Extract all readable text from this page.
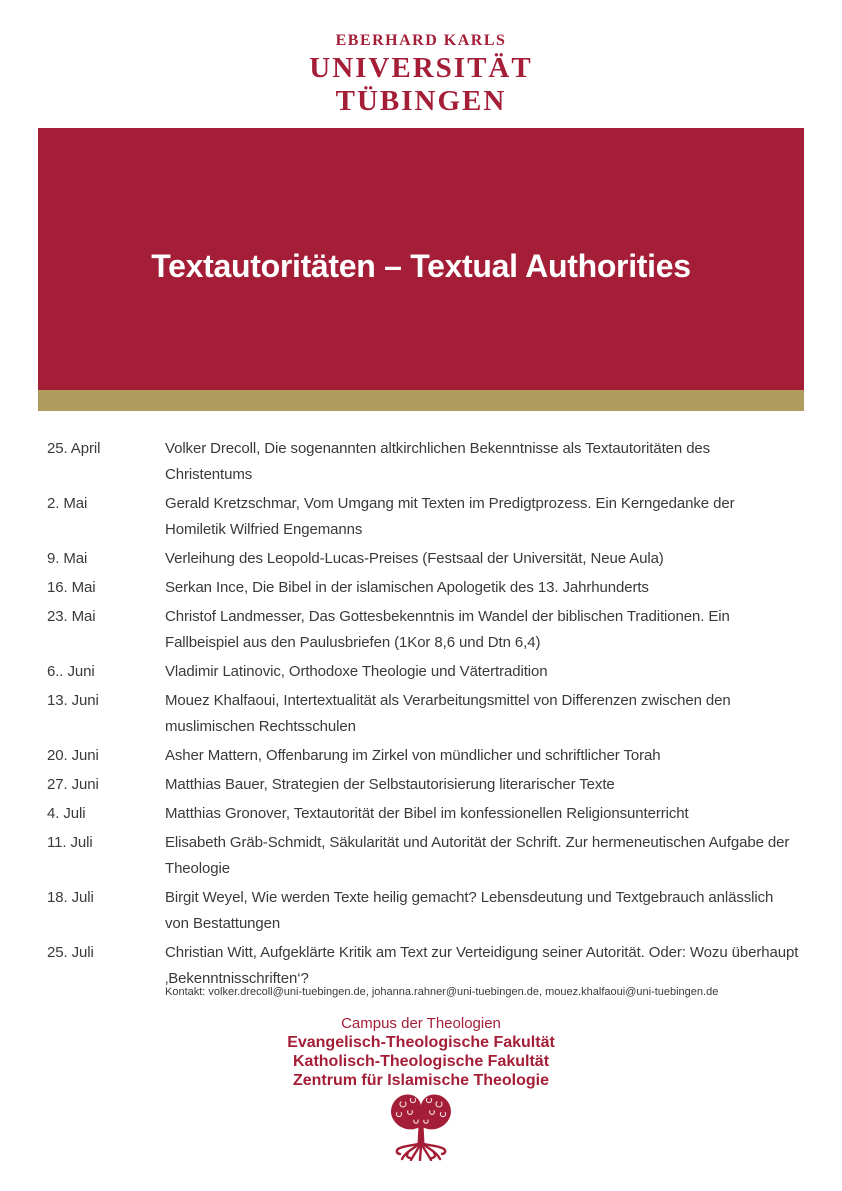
EBERHARD KARLS
UNIVERSITÄT
TÜBINGEN
Textautoritäten – Textual Authorities
25. April	Volker Drecoll, Die sogenannten altkirchlichen Bekenntnisse als Textautoritäten des Christentums
2. Mai	Gerald Kretzschmar, Vom Umgang mit Texten im Predigtprozess. Ein Kerngedanke der Homiletik Wilfried Engemanns
9. Mai	Verleihung des Leopold-Lucas-Preises (Festsaal der Universität, Neue Aula)
16. Mai	Serkan Ince, Die Bibel in der islamischen Apologetik des 13. Jahrhunderts
23. Mai	Christof Landmesser, Das Gottesbekenntnis im Wandel der biblischen Traditionen. Ein Fallbeispiel aus den Paulusbriefen (1Kor 8,6 und Dtn 6,4)
6.. Juni	Vladimir Latinovic, Orthodoxe Theologie und Vätertradition
13. Juni	Mouez Khalfaoui, Intertextualität als Verarbeitungsmittel von Differenzen zwischen den muslimischen Rechtsschulen
20. Juni	Asher Mattern, Offenbarung im Zirkel von mündlicher und schriftlicher Torah
27. Juni	Matthias Bauer, Strategien der Selbstautorisierung literarischer Texte
4. Juli	Matthias Gronover, Textautorität der Bibel im konfessionellen Religionsunterricht
11. Juli	Elisabeth Gräb-Schmidt, Säkularität und Autorität der Schrift. Zur hermeneutischen Aufgabe der Theologie
18. Juli	Birgit Weyel, Wie werden Texte heilig gemacht? Lebensdeutung und Textgebrauch anlässlich von Bestattungen
25. Juli	Christian Witt, Aufgeklärte Kritik am Text zur Verteidigung seiner Autorität. Oder: Wozu überhaupt ‚Bekenntnisschriften‘?
Kontakt: volker.drecoll@uni-tuebingen.de, johanna.rahner@uni-tuebingen.de, mouez.khalfaoui@uni-tuebingen.de
Campus der Theologien
Evangelisch-Theologische Fakultät
Katholisch-Theologische Fakultät
Zentrum für Islamische Theologie
